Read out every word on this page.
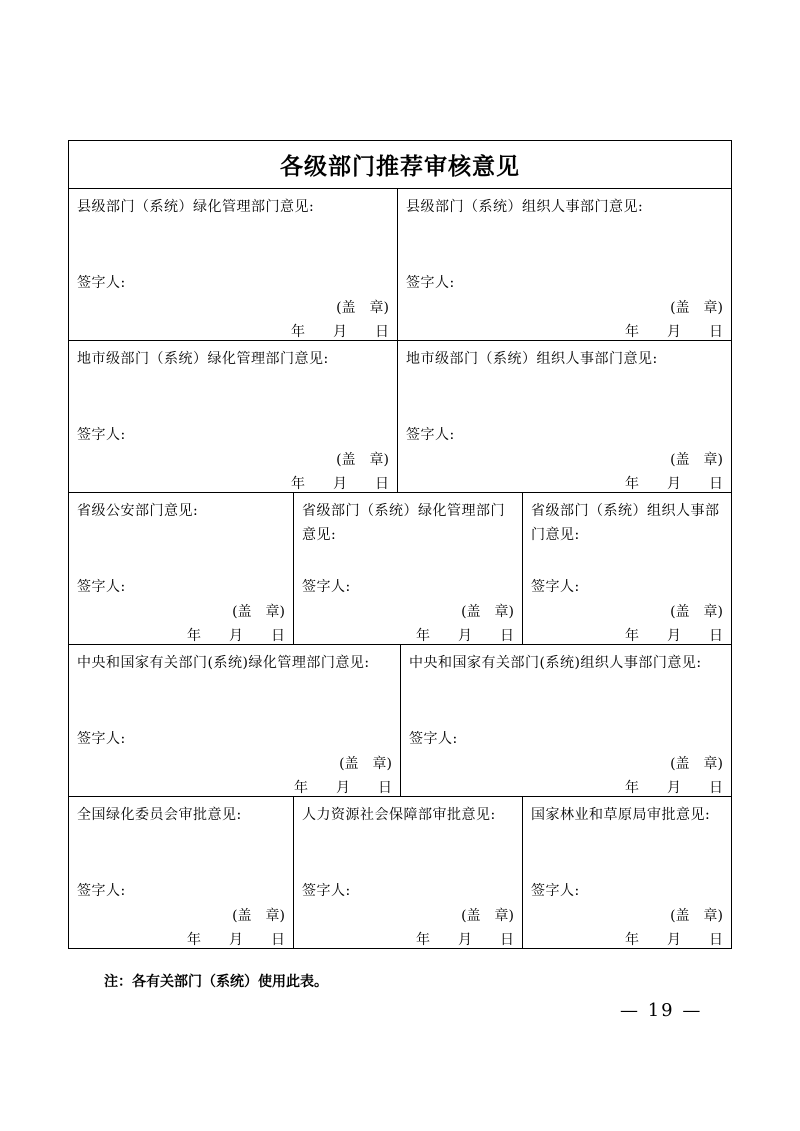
各级部门推荐审核意见
县级部门（系统）绿化管理部门意见:
签字人:
(盖　章)
年　　月　　日
县级部门（系统）组织人事部门意见:
签字人:
(盖　章)
年　　月　　日
地市级部门（系统）绿化管理部门意见:
签字人:
(盖　章)
年　　月　　日
地市级部门（系统）组织人事部门意见:
签字人:
(盖　章)
年　　月　　日
省级公安部门意见:
签字人:
(盖　章)
年　　月　　日
省级部门（系统）绿化管理部门意见:
签字人:
(盖　章)
年　　月　　日
省级部门（系统）组织人事部门意见:
签字人:
(盖　章)
年　　月　　日
中央和国家有关部门(系统)绿化管理部门意见:
签字人:
(盖　章)
年　　月　　日
中央和国家有关部门(系统)组织人事部门意见:
签字人:
(盖　章)
年　　月　　日
全国绿化委员会审批意见:
签字人:
(盖　章)
年　　月　　日
人力资源社会保障部审批意见:
签字人:
(盖　章)
年　　月　　日
国家林业和草原局审批意见:
签字人:
(盖　章)
年　　月　　日
注：各有关部门（系统）使用此表。
— 19 —
